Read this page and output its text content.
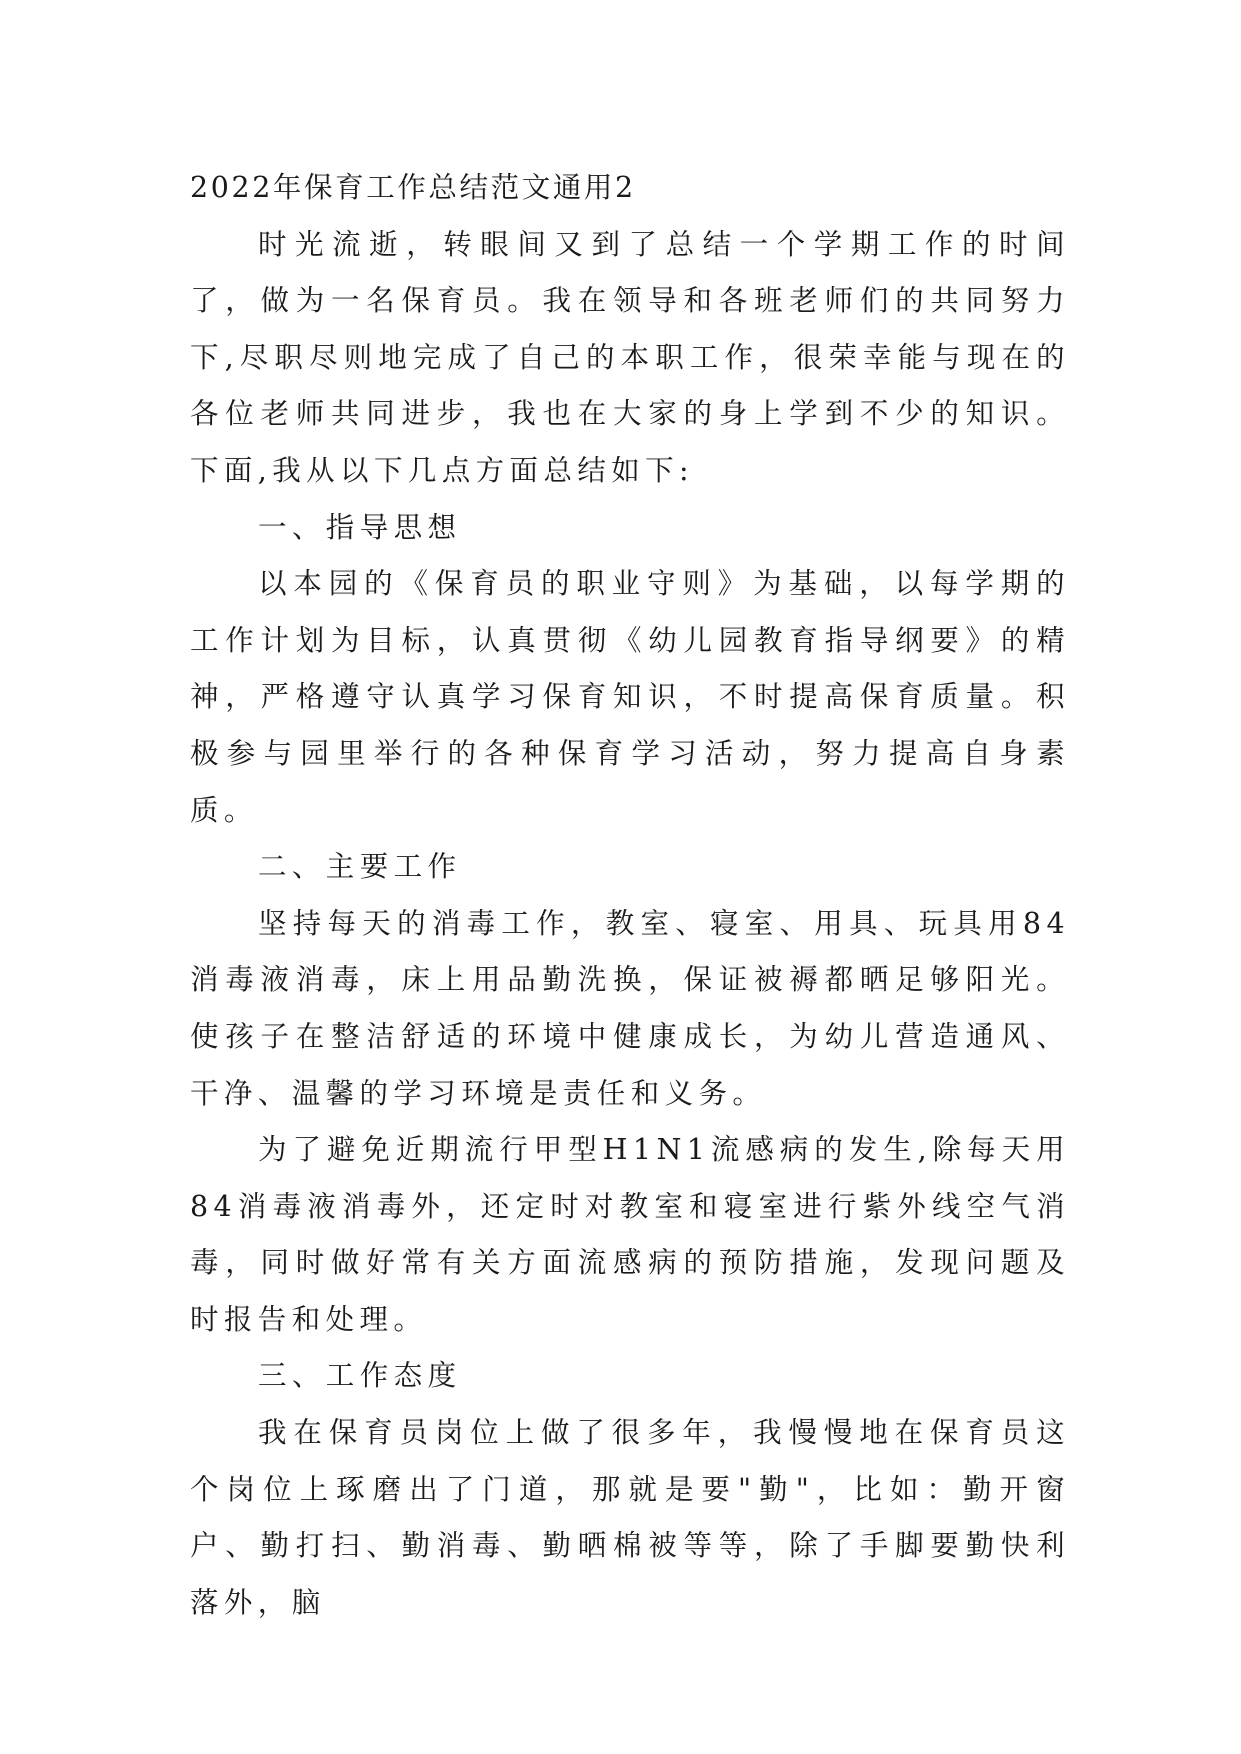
2022年保育工作总结范文通用2

时光流逝，转眼间又到了总结一个学期工作的时间了，做为一名保育员。我在领导和各班老师们的共同努力下,尽职尽则地完成了自己的本职工作，很荣幸能与现在的各位老师共同进步，我也在大家的身上学到不少的知识。下面,我从以下几点方面总结如下:

一、指导思想

以本园的《保育员的职业守则》为基础，以每学期的工作计划为目标，认真贯彻《幼儿园教育指导纲要》的精神，严格遵守认真学习保育知识，不时提高保育质量。积极参与园里举行的各种保育学习活动，努力提高自身素质。

二、主要工作

坚持每天的消毒工作，教室、寝室、用具、玩具用84消毒液消毒，床上用品勤洗换，保证被褥都晒足够阳光。使孩子在整洁舒适的环境中健康成长，为幼儿营造通风、干净、温馨的学习环境是责任和义务。

为了避免近期流行甲型H1N1流感病的发生,除每天用84消毒液消毒外，还定时对教室和寝室进行紫外线空气消毒，同时做好常有关方面流感病的预防措施，发现问题及时报告和处理。

三、工作态度

我在保育员岗位上做了很多年，我慢慢地在保育员这个岗位上琢磨出了门道，那就是要"勤"，比如：勤开窗户、勤打扫、勤消毒、勤晒棉被等等，除了手脚要勤快利落外，脑
